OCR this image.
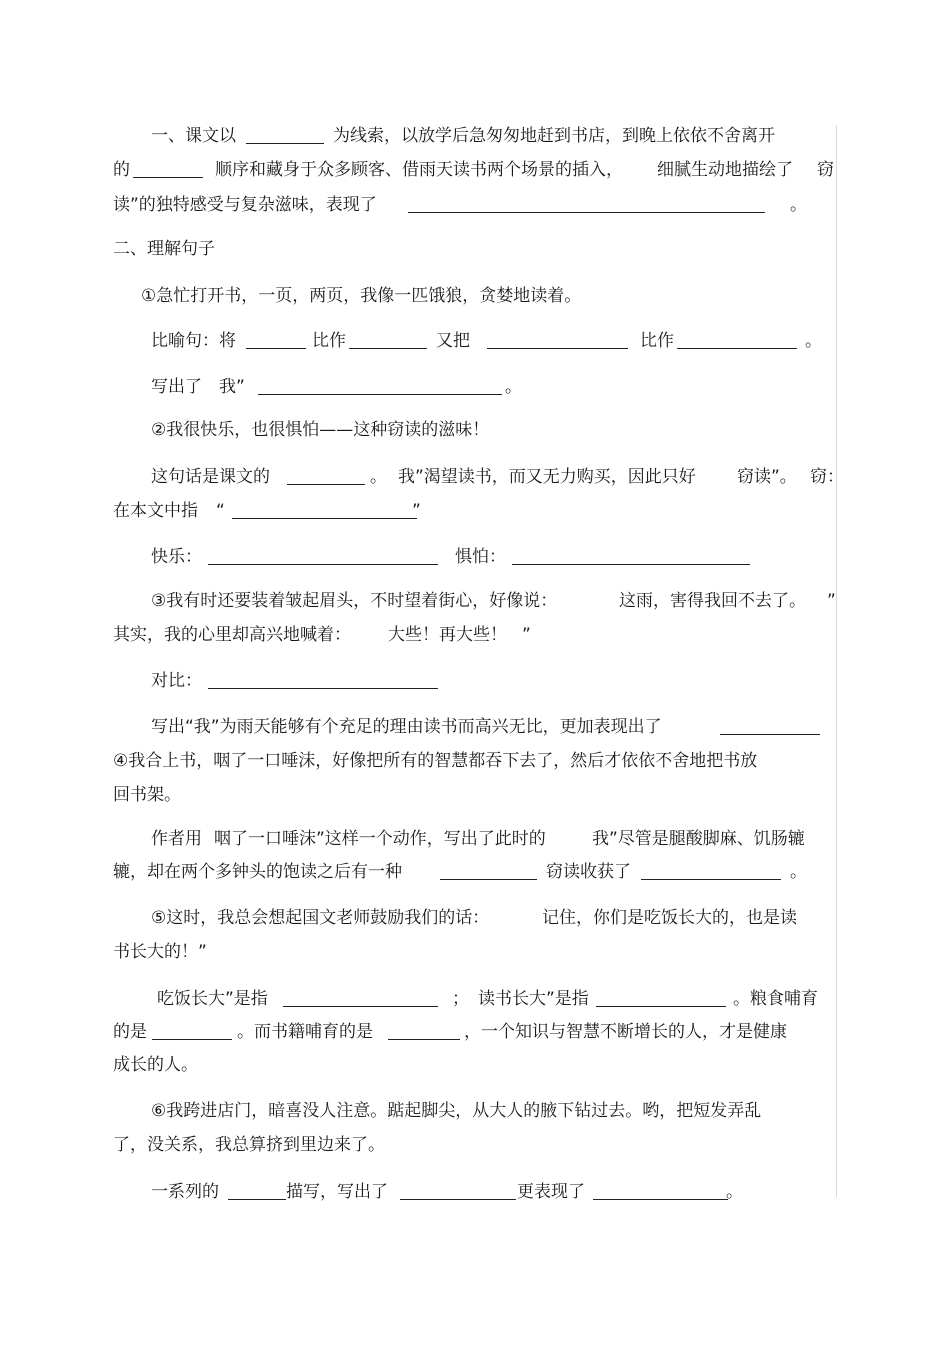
一、课文以	为线索，以放学后急匆匆地赶到书店，到晚上依依不舍离开
的	顺序和藏身于众多顾客、借雨天读书两个场景的插入， 细腻生动地描绘了 窃
读”的独特感受与复杂滋味，表现了	。
二、理解句子
①急忙打开书，一页，两页，我像一匹饿狼，贪婪地读着。
比喻句：将	比作	又把	比作	。
写出了 我”	。
②我很快乐，也很惧怕——这种窃读的滋味！
这句话是课文的	。 我”渴望读书，而又无力购买，因此只好 窃读”。 窃：
在本文中指 “	”
快乐：	惧怕：
③我有时还要装着皱起眉头，不时望着街心，好像说：	这雨，害得我回不去了。 ”
其实，我的心里却高兴地喊着： 大些！再大些！ ”
对比：
写出“我”为雨天能够有个充足的理由读书而高兴无比，更加表现出了
④我合上书，咽了一口唾沫，好像把所有的智慧都吞下去了，然后才依依不舍地把书放
回书架。
作者用 咽了一口唾沫”这样一个动作，写出了此时的	我”尽管是腿酸脚麻、饥肠辘
辘，却在两个多钟头的饱读之后有一种	窃读收获了	。
⑤这时，我总会想起国文老师鼓励我们的话：	记住，你们是吃饭长大的，也是读
书长大的！”
吃饭长大”是指	； 读书长大”是指	。粮食哺育
的是	。而书籍哺育的是	，一个知识与智慧不断增长的人，才是健康
成长的人。
⑥我跨进店门，暗喜没人注意。踮起脚尖，从大人的腋下钻过去。哟，把短发弄乱
了，没关系，我总算挤到里边来了。
一系列的	描写，写出了	更表现了	。
